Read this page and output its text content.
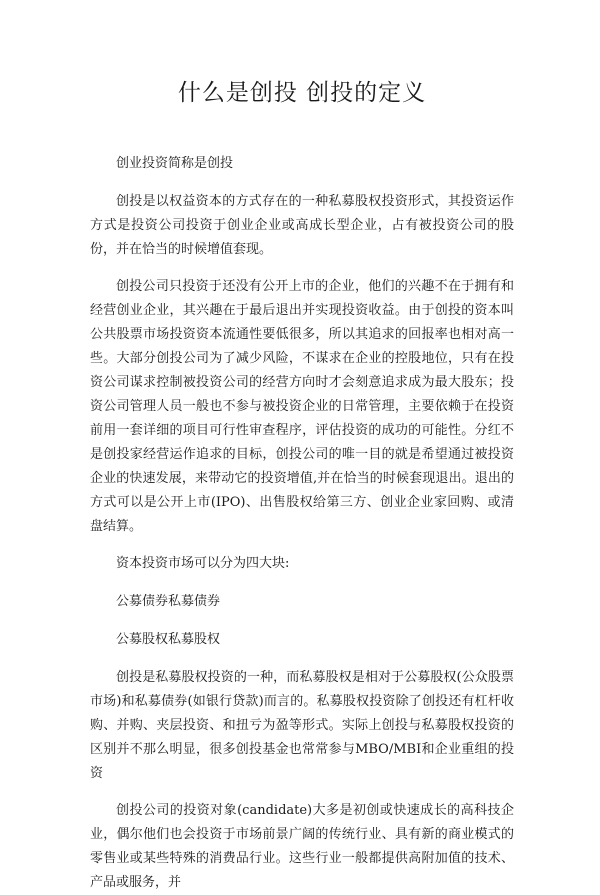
什么是创投 创投的定义

创业投资简称是创投

创投是以权益资本的方式存在的一种私募股权投资形式，其投资运作方式是投资公司投资于创业企业或高成长型企业，占有被投资公司的股份，并在恰当的时候增值套现。

创投公司只投资于还没有公开上市的企业，他们的兴趣不在于拥有和经营创业企业，其兴趣在于最后退出并实现投资收益。由于创投的资本叫公共股票市场投资资本流通性要低很多，所以其追求的回报率也相对高一些。大部分创投公司为了减少风险，不谋求在企业的控股地位，只有在投资公司谋求控制被投资公司的经营方向时才会刻意追求成为最大股东；投资公司管理人员一般也不参与被投资企业的日常管理，主要依赖于在投资前用一套详细的项目可行性审查程序，评估投资的成功的可能性。分红不是创投家经营运作追求的目标，创投公司的唯一目的就是希望通过被投资企业的快速发展，来带动它的投资增值,并在恰当的时候套现退出。退出的方式可以是公开上市(IPO)、出售股权给第三方、创业企业家回购、或清盘结算。

资本投资市场可以分为四大块:

公募债券私募债券

公募股权私募股权

创投是私募股权投资的一种，而私募股权是相对于公募股权(公众股票市场)和私募债券(如银行贷款)而言的。私募股权投资除了创投还有杠杆收购、并购、夹层投资、和扭亏为盈等形式。实际上创投与私募股权投资的区别并不那么明显，很多创投基金也常常参与MBO/MBI和企业重组的投资

创投公司的投资对象(candidate)大多是初创或快速成长的高科技企业，偶尔他们也会投资于市场前景广阔的传统行业、具有新的商业模式的零售业或某些特殊的消费品行业。这些行业一般都提供高附加值的技术、产品或服务，并
